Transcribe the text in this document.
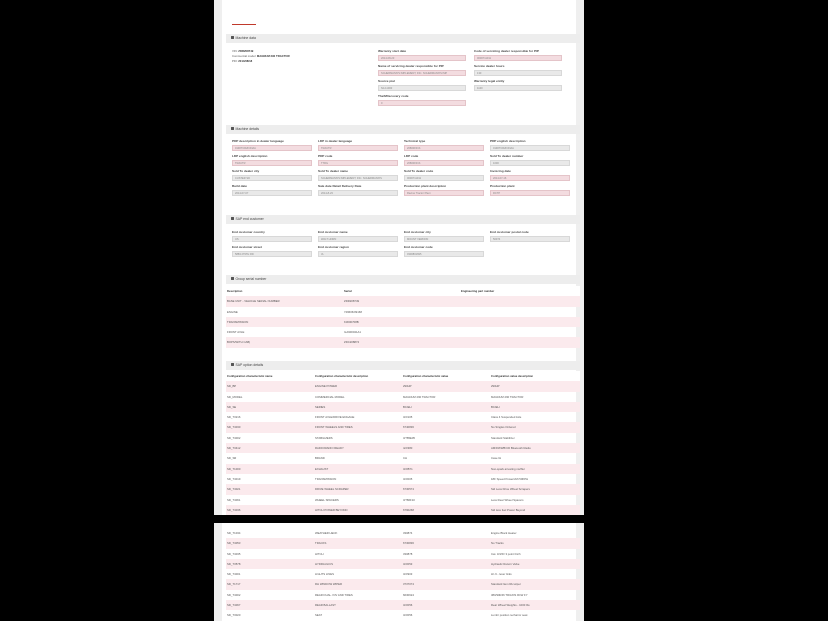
Machine data
VIN: ZDR208749
Commercial model: MAGNUM 290 TRACTOR
PDI: 2014/08/18
Warranty start date
2014-08-23
Code of servicing dealer responsible for PIP
0000711011
Name of servicing dealer responsible for PIP
SCHERMANN'S IMPLEMENT, INC. SCHERMANN'S IMP
Service dealer hours
130
Source pial
NA 11000
Warranty legal entity
1100
Theft/Recovery code
0
Machine details
PDP description in dealer language
0190TCR2F3NAA
LDP in dealer language
TRACTR
Technical type
20800F01S
PDP english description
0190TCR2F3NAA
LDP english description
TRACTR
PDP code
TTRG
LDP code
20800F01S
Sold To dealer number
1000
Sold To dealer city
CUSTER SD
Sold To dealer name
SCHERMANN'S IMPLEMENT, INC. SCHERMANN'S
Sold To dealer code
0000711011
Invoicing date
2014-07-16
Build date
2014-07-07
Sale date Retail Delivery Date
2014-8-23
Production plant description
Racine Tractor Plant
Production plant
RCTP
SAP end customer
End customer country
US
End customer name
WALT HORN
End customer city
MOUNT VERNON
End customer postal code
50374
End customer street
5883 279TH RD
End customer region
IA
End customer code
0300801695
Group serial number
Description	Serial	Engineering part number
BASE UNIT - VEHICLE SERIAL NUMBER	ZDR208749
ENGINE	749606/09168
TRANSMISSION	K3000708B
FRONT AXLE	ILA900041A1
BOPS/WITH CAB)	ZDC208874
SAP option details
Configuration characteristic name	Configuration characteristic description	Configuration characteristic value	Configuration value description
SD_BP	ENGINE POWER	290HP	290HP
SD_MODEL	COMMERCIAL MODEL	MAGNUM 290 TRACTOR	MAGNUM 290 TRACTOR
SD_SE	SERIES	BC/EH	BC/EH
SD_T3216	FRONT AXLE/DRIVE ENGAGE	3/2/105	Class 4 Suspended Axle
SD_T4030	FRONT WHEELS AND TIRES	6740836	No Singles Ordered
SD_T4002	STABILIZERS	3/785E05	Standard Stabilizer
SD_T3412	RADIO/RADIO READY	4/2/380	AM/FM/WB/CD Bluetooth Radio
SD_SR	BRAND	CH	Case IH
SD_T1000	EXHAUST	3/2/B71	Non-spark arresting muffler
SD_T4019	TRANSMISSION	3/2/005	18F Speed Powershift 50KPH
SD_T4021	DRIVE WHEEL SCRAPER	6730574	Std Less Drive Wheel Scrapers
SD_T4061	WHEEL SPACERS	3/786F10	Less Rear Wheel Spacers
SD_T4036	HITCH POWER BEYOND	6790268	Std less fuel Power Beyond
SD_T1034	WEATHER HECK	330874	Engine Block Heater
SD_T4053	TRACKS	6730836	No Tracks
SD_T4035	HITCH	330878	Cat. 3/4/III/ 3 point hitch
SD_T3578	HYDRAULICS	3/2/053	Hydraulic Return Valve
SD_T4001	LIGHTS LINES	3/2/903	LF-6 - lever links
SD_T1717	RH WINDOW WIPER	3737074	Standard Item RH wiper
SD_T4002	REAR DUAL. INV AND TIRES	6630624	380/90R46 TRIAXIS R1W FY
SD_T4067	REAR BALLAST	3/2/056	Rear Wheel Weights - 1000 lbs
SD_T3020	SEAT	3/2/056	Lumbr position recharmr seat
